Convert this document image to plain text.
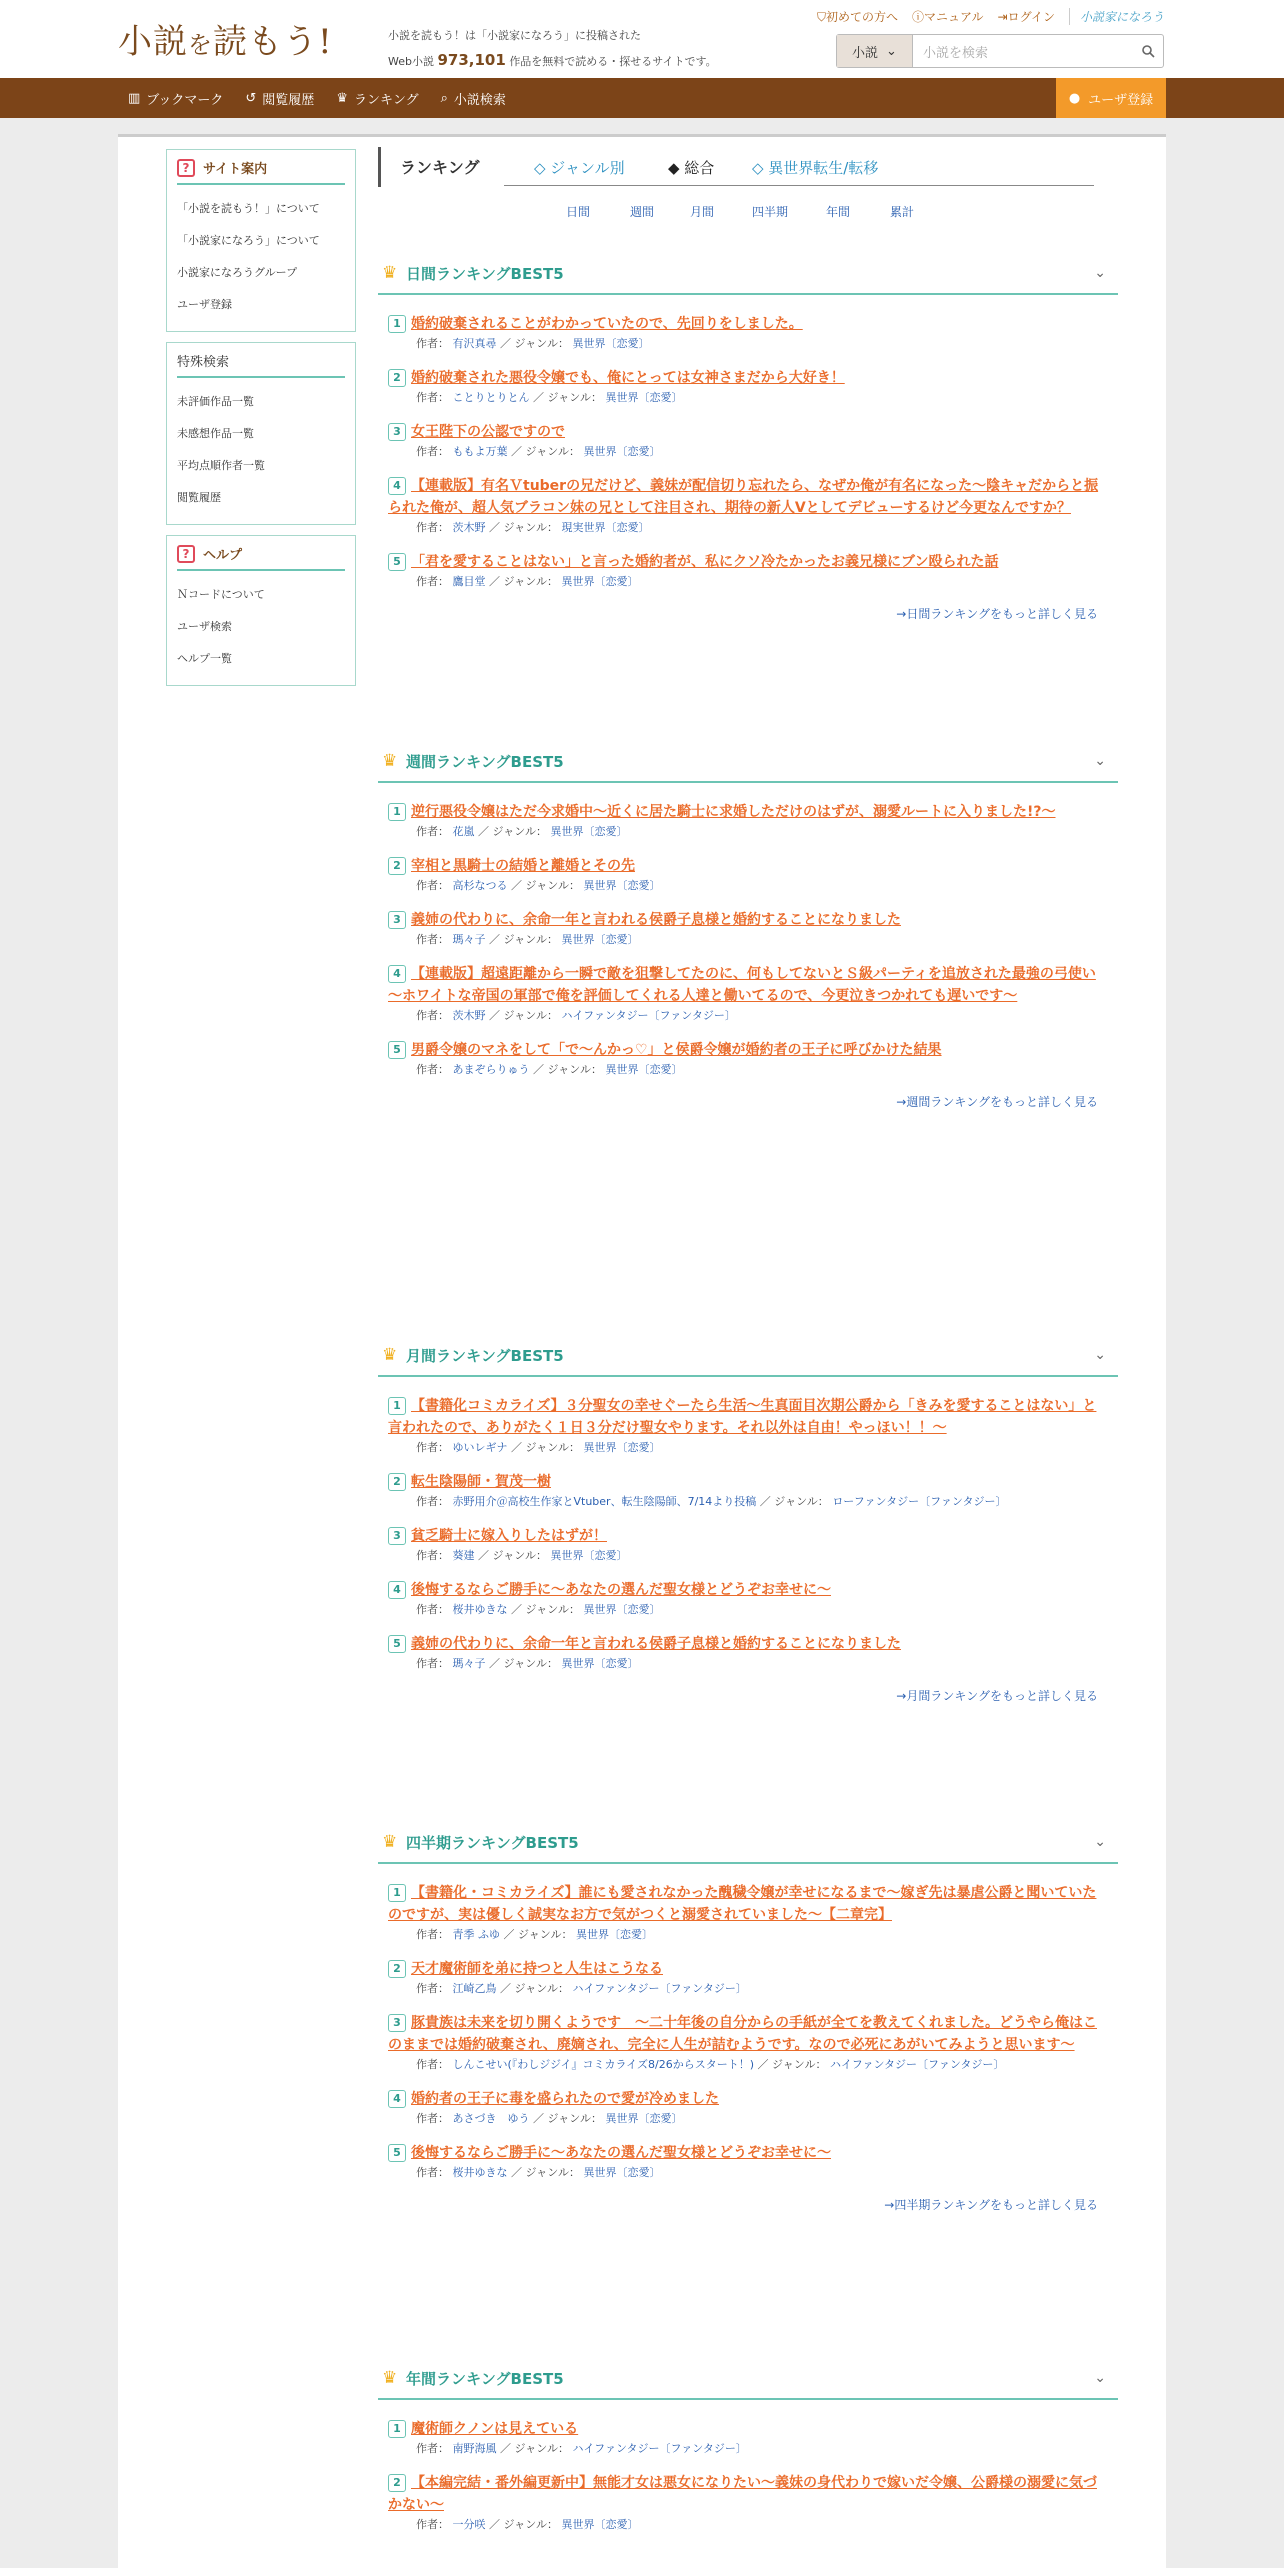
小説を読もう!	小説を読もう！は「小説家になろう」に投稿された
Web小説 973,101 作品を無料で読める・探せるサイトです。
⛉初めての方へ ⓘマニュアル ⇥ログイン	小説家になろう
小説 ⌄	小説を検索
▥ ブックマーク ↺ 閲覧履歴 ♛ ランキング ⌕ 小説検索	● ユーザ登録
?	サイト案内
「小説を読もう！」について
「小説家になろう」について
小説家になろうグループ
ユーザ登録
特殊検索
未評価作品一覧
未感想作品一覧
平均点順作者一覧
閲覧履歴
?	ヘルプ
Ｎコードについて
ユーザ検索
ヘルプ一覧
ランキング	◇ ジャンル別	◆ 総合	◇ 異世界転生/転移
日間	週間	月間	四半期	年間	累計
♛ 日間ランキングBEST5	⌄
1 婚約破棄されることがわかっていたので、先回りをしました。
作者： 有沢真尋 ／ ジャンル： 異世界〔恋愛〕
2 婚約破棄された悪役令嬢でも、俺にとっては女神さまだから大好き！
作者： ことりとりとん ／ ジャンル： 異世界〔恋愛〕
3 女王陛下の公認ですので
作者： ももよ万葉 ／ ジャンル： 異世界〔恋愛〕
4 【連載版】有名Ｖtuberの兄だけど、義妹が配信切り忘れたら、なぜか俺が有名になった～陰キャだからと振られた俺が、超人気ブラコン妹の兄として注目され、期待の新人Vとしてデビューするけど今更なんですか？
作者： 茨木野 ／ ジャンル： 現実世界〔恋愛〕
5 「君を愛することはない」と言った婚約者が、私にクソ冷たかったお義兄様にブン殴られた話
作者： 鷹目堂 ／ ジャンル： 異世界〔恋愛〕
→日間ランキングをもっと詳しく見る
♛ 週間ランキングBEST5	⌄
1 逆行悪役令嬢はただ今求婚中～近くに居た騎士に求婚しただけのはずが、溺愛ルートに入りました!?～
作者： 花嵐 ／ ジャンル： 異世界〔恋愛〕
2 宰相と黒騎士の結婚と離婚とその先
作者： 高杉なつる ／ ジャンル： 異世界〔恋愛〕
3 義姉の代わりに、余命一年と言われる侯爵子息様と婚約することになりました
作者： 瑪々子 ／ ジャンル： 異世界〔恋愛〕
4 【連載版】超遠距離から一瞬で敵を狙撃してたのに、何もしてないとＳ級パーティを追放された最強の弓使い～ホワイトな帝国の軍部で俺を評価してくれる人達と働いてるので、今更泣きつかれても遅いです～
作者： 茨木野 ／ ジャンル： ハイファンタジー〔ファンタジー〕
5 男爵令嬢のマネをして「で～んかっ♡」と侯爵令嬢が婚約者の王子に呼びかけた結果
作者： あまぞらりゅう ／ ジャンル： 異世界〔恋愛〕
→週間ランキングをもっと詳しく見る
♛ 月間ランキングBEST5	⌄
1 【書籍化コミカライズ】３分聖女の幸せぐーたら生活〜生真面目次期公爵から「きみを愛することはない」と言われたので、ありがたく１日３分だけ聖女やります。それ以外は自由！やっほい！！〜
作者： ゆいレギナ ／ ジャンル： 異世界〔恋愛〕
2 転生陰陽師・賀茂一樹
作者： 赤野用介＠高校生作家とVtuber、転生陰陽師、7/14より投稿 ／ ジャンル： ローファンタジー〔ファンタジー〕
3 貧乏騎士に嫁入りしたはずが！
作者： 葵建 ／ ジャンル： 異世界〔恋愛〕
4 後悔するならご勝手に～あなたの選んだ聖女様とどうぞお幸せに～
作者： 桜井ゆきな ／ ジャンル： 異世界〔恋愛〕
5 義姉の代わりに、余命一年と言われる侯爵子息様と婚約することになりました
作者： 瑪々子 ／ ジャンル： 異世界〔恋愛〕
→月間ランキングをもっと詳しく見る
♛ 四半期ランキングBEST5	⌄
1 【書籍化・コミカライズ】誰にも愛されなかった醜穢令嬢が幸せになるまで〜嫁ぎ先は暴虐公爵と聞いていたのですが、実は優しく誠実なお方で気がつくと溺愛されていました〜【二章完】
作者： 青季 ふゆ ／ ジャンル： 異世界〔恋愛〕
2 天才魔術師を弟に持つと人生はこうなる
作者： 江崎乙鳥 ／ ジャンル： ハイファンタジー〔ファンタジー〕
3 豚貴族は未来を切り開くようです　～二十年後の自分からの手紙が全てを教えてくれました。どうやら俺はこのままでは婚約破棄され、廃嫡され、完全に人生が詰むようです。なので必死にあがいてみようと思います～
作者： しんこせい(『わしジジイ』コミカライズ8/26からスタート！) ／ ジャンル： ハイファンタジー〔ファンタジー〕
4 婚約者の王子に毒を盛られたので愛が冷めました
作者： あさづき　ゆう ／ ジャンル： 異世界〔恋愛〕
5 後悔するならご勝手に～あなたの選んだ聖女様とどうぞお幸せに～
作者： 桜井ゆきな ／ ジャンル： 異世界〔恋愛〕
→四半期ランキングをもっと詳しく見る
♛ 年間ランキングBEST5	⌄
1 魔術師クノンは見えている
作者： 南野海風 ／ ジャンル： ハイファンタジー〔ファンタジー〕
2 【本編完結・番外編更新中】無能才女は悪女になりたい～義妹の身代わりで嫁いだ令嬢、公爵様の溺愛に気づかない～
作者： 一分咲 ／ ジャンル： 異世界〔恋愛〕
